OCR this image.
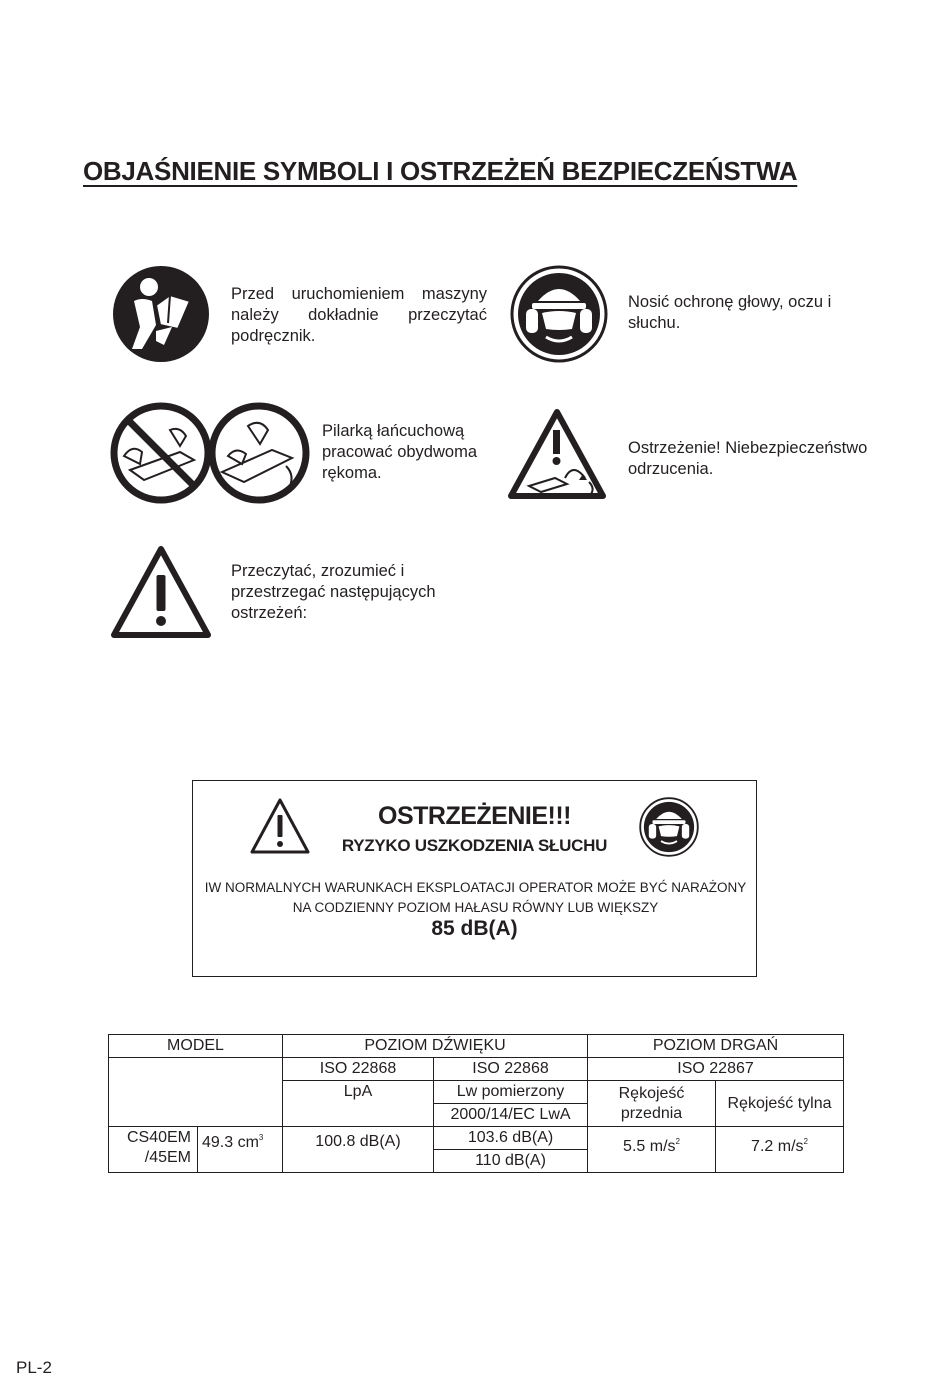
OBJAŚNIENIE SYMBOLI I OSTRZEŻEŃ BEZPIECZEŃSTWA
Przed uruchomieniem maszyny należy dokładnie przeczytać podręcznik.
Nosić ochronę głowy, oczu i słuchu.
Pilarką łańcuchową pracować obydwoma rękoma.
Ostrzeżenie! Niebezpieczeństwo odrzucenia.
Przeczytać, zrozumieć i przestrzegać następujących ostrzeżeń:
OSTRZEŻENIE!!!
RYZYKO USZKODZENIA SŁUCHU
IW NORMALNYCH WARUNKACH EKSPLOATACJI OPERATOR MOŻE BYĆ NARAŻONY NA CODZIENNY POZIOM HAŁASU RÓWNY LUB WIĘKSZY
85 dB(A)
MODEL		POZIOM DŹWIĘKU		POZIOM DRGAŃ	
		ISO 22868	ISO 22868	ISO 22867	
		LpA	Lw pomierzony	Rękojeść przednia	Rękojeść tylna
			2000/14/EC LwA		
CS40EM /45EM	49.3 $cm^3$	100.8 dB(A)	103.6 dB(A)	5.5 $m/s^2$	7.2 $m/s^2$
			110 dB(A)		
PL-2
